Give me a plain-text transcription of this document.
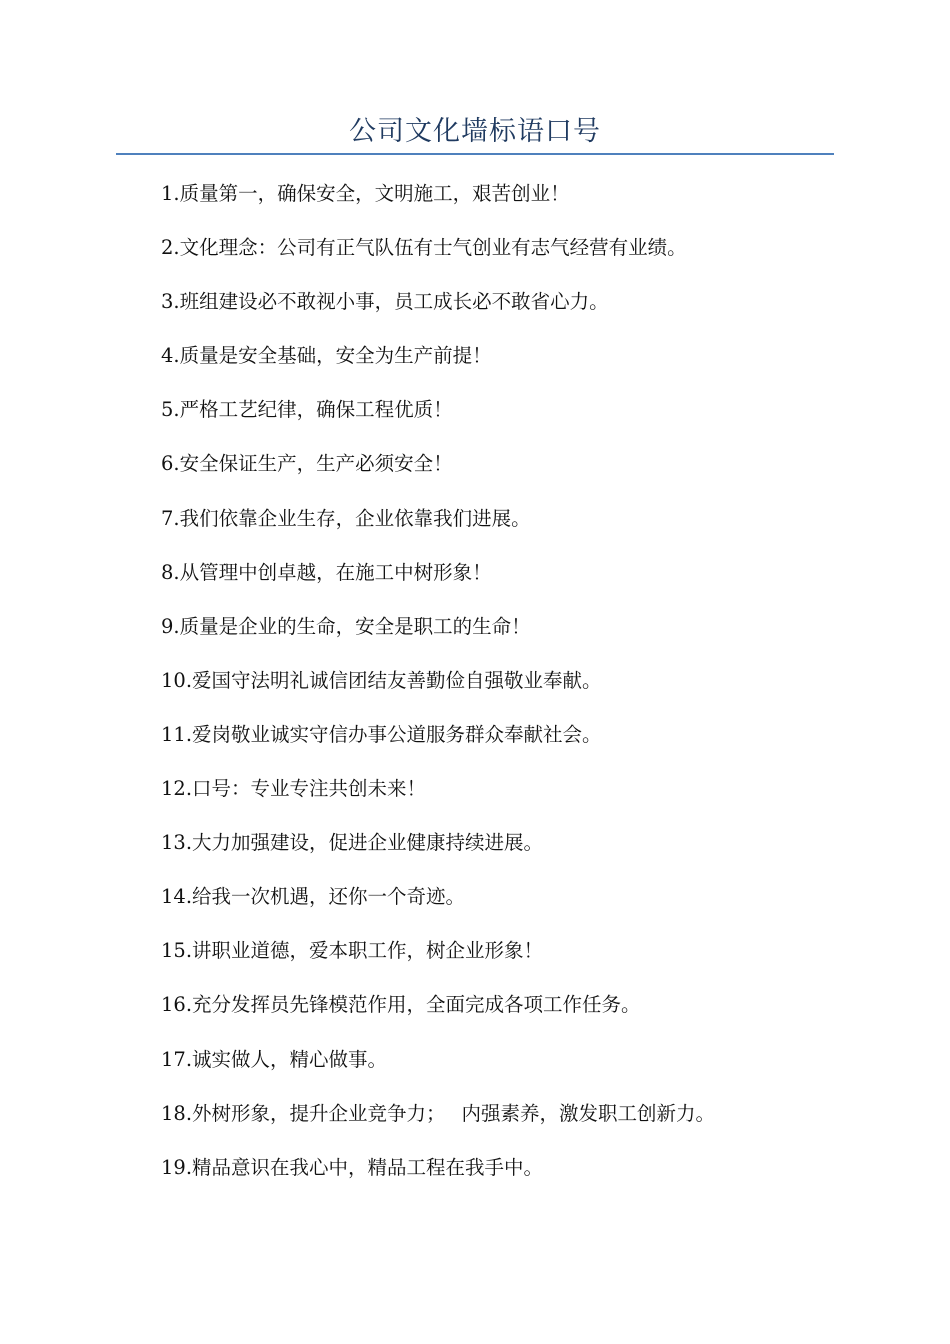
公司文化墙标语口号
1.质量第一，确保安全，文明施工，艰苦创业！
2.文化理念：公司有正气队伍有士气创业有志气经营有业绩。
3.班组建设必不敢视小事，员工成长必不敢省心力。
4.质量是安全基础，安全为生产前提！
5.严格工艺纪律，确保工程优质！
6.安全保证生产，生产必须安全！
7.我们依靠企业生存，企业依靠我们进展。
8.从管理中创卓越，在施工中树形象！
9.质量是企业的生命，安全是职工的生命！
10.爱国守法明礼诚信团结友善勤俭自强敬业奉献。
11.爱岗敬业诚实守信办事公道服务群众奉献社会。
12.口号：专业专注共创未来！
13.大力加强建设，促进企业健康持续进展。
14.给我一次机遇，还你一个奇迹。
15.讲职业道德，爱本职工作，树企业形象！
16.充分发挥员先锋模范作用，全面完成各项工作任务。
17.诚实做人，精心做事。
18.外树形象，提升企业竞争力；　 内强素养，激发职工创新力。
19.精品意识在我心中，精品工程在我手中。
